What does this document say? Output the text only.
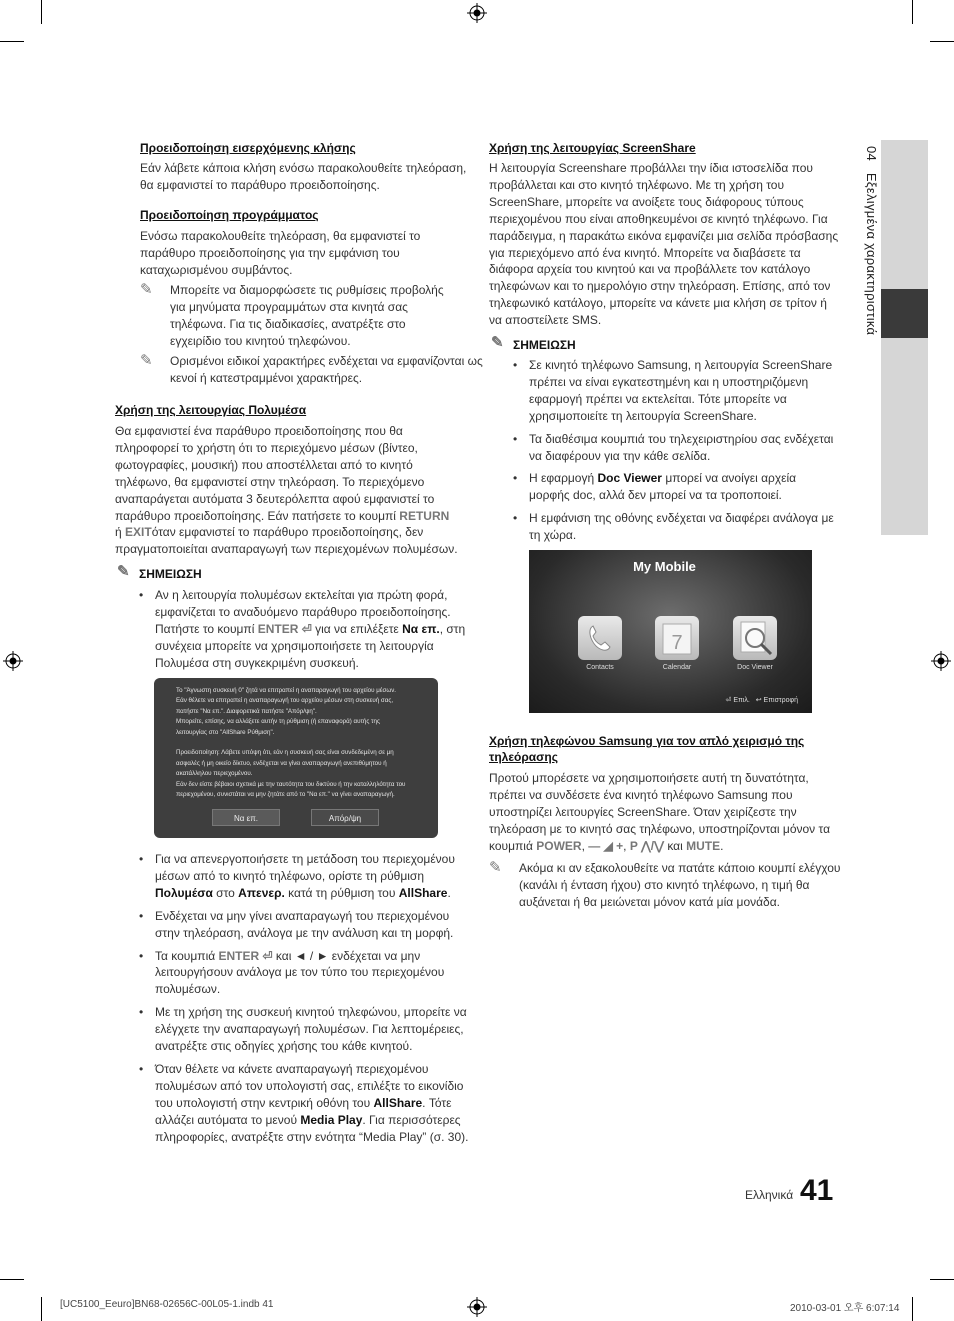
04   Εξελιγμένα χαρακτηριστικά
Προειδοποίηση εισερχόμενης κλήσης
Εάν λάβετε κάποια κλήση ενόσω παρακολουθείτε τηλεόραση, θα εμφανιστεί το παράθυρο προειδοποίησης.
Προειδοποίηση προγράμματος
Ενόσω παρακολουθείτε τηλεόραση, θα εμφανιστεί το παράθυρο προειδοποίησης για την εμφάνιση του καταχωρισμένου συμβάντος.
✎ Μπορείτε να διαμορφώσετε τις ρυθμίσεις προβολής για μηνύματα προγραμμάτων στα κινητά σας τηλέφωνα. Για τις διαδικασίες, ανατρέξτε στο εγχειρίδιο του κινητού τηλεφώνου.
✎ Ορισμένοι ειδικοί χαρακτήρες ενδέχεται να εμφανίζονται ως κενοί ή κατεστραμμένοι χαρακτήρες.
Χρήση της λειτουργίας Πολυμέσα
Θα εμφανιστεί ένα παράθυρο προειδοποίησης που θα πληροφορεί το χρήστη ότι το περιεχόμενο μέσων (βίντεο, φωτογραφίες, μουσική) που αποστέλλεται από το κινητό τηλέφωνο, θα εμφανιστεί στην τηλεόραση. Το περιεχόμενο αναπαράγεται αυτόματα 3 δευτερόλεπτα αφού εμφανιστεί το παράθυρο προειδοποίησης. Εάν πατήσετε το κουμπί RETURN
ή EXITόταν εμφανιστεί το παράθυρο προειδοποίησης, δεν πραγματοποιείται αναπαραγωγή των περιεχομένων πολυμέσων.
✎ ΣΗΜΕΙΩΣΗ
• Αν η λειτουργία πολυμέσων εκτελείται για πρώτη φορά, εμφανίζεται το αναδυόμενο παράθυρο προειδοποίησης. Πατήστε το κουμπί ENTER ⏎ για να επιλέξετε Να επ., στη συνέχεια μπορείτε να χρησιμοποιήσετε τη λειτουργία Πολυμέσα στη συγκεκριμένη συσκευή.
Το "Άγνωστη συσκευή 0" ζητά να επιτραπεί η αναπαραγωγή του αρχείου μέσων.
Εάν θέλετε να επιτραπεί η αναπαραγωγή του αρχείου μέσων στη συσκευή σας,
πατήστε "Να επ.". Διαφορετικά πατήστε "Απόρ/ψη".
Μπορείτε, επίσης, να αλλάξετε αυτήν τη ρύθμιση (ή επαναφορά) αυτής της
λειτουργίας στο "AllShare Ρύθμιση".

Προειδοποίηση: Λάβετε υπόψη ότι, εάν η συσκευή σας είναι συνδεδεμένη σε μη
ασφαλές ή μη οικείο δίκτυο, ενδέχεται να γίνει αναπαραγωγή ανεπιθύμητου ή
ακατάλληλου περιεχομένου.
Εάν δεν είστε βέβαιοι σχετικά με την ταυτότητα του δικτύου ή την καταλληλότητα του
περιεχομένου, συνιστάται να μην ζητάτε από το "Να επ." να γίνει αναπαραγωγή.
Να επ.	Απόρ/ψη
• Για να απενεργοποιήσετε τη μετάδοση του περιεχομένου μέσων από το κινητό τηλέφωνο, ορίστε τη ρύθμιση Πολυμέσα στο Απενερ. κατά τη ρύθμιση του AllShare.
• Ενδέχεται να μην γίνει αναπαραγωγή του περιεχομένου στην τηλεόραση, ανάλογα με την ανάλυση και τη μορφή.
• Τα κουμπιά ENTER ⏎ και ◄ / ► ενδέχεται να μην λειτουργήσουν ανάλογα με τον τύπο του περιεχομένου πολυμέσων.
• Με τη χρήση της συσκευή κινητού τηλεφώνου, μπορείτε να ελέγχετε την αναπαραγωγή πολυμέσων. Για λεπτομέρειες, ανατρέξτε στις οδηγίες χρήσης του κάθε κινητού.
• Όταν θέλετε να κάνετε αναπαραγωγή περιεχομένου πολυμέσων από τον υπολογιστή σας, επιλέξτε το εικονίδιο του υπολογιστή στην κεντρική οθόνη του AllShare. Τότε αλλάζει αυτόματα το μενού Media Play. Για περισσότερες πληροφορίες, ανατρέξτε στην ενότητα “Media Play” (σ. 30).
Χρήση της λειτουργίας ScreenShare
Η λειτουργία Screenshare προβάλλει την ίδια ιστοσελίδα που προβάλλεται και στο κινητό τηλέφωνο. Με τη χρήση του ScreenShare, μπορείτε να ανοίξετε τους διάφορους τύπους περιεχομένου που είναι αποθηκευμένοι σε κινητό τηλέφωνο. Για παράδειγμα, η παρακάτω εικόνα εμφανίζει μια σελίδα πρόσβασης για περιεχόμενο από ένα κινητό. Μπορείτε να διαβάσετε τα διάφορα αρχεία του κινητού και να προβάλλετε τον κατάλογο τηλεφώνων και το ημερολόγιο στην τηλεόραση. Επίσης, από τον τηλεφωνικό κατάλογο, μπορείτε να κάνετε μια κλήση σε τρίτον ή να αποστείλετε SMS.
✎ ΣΗΜΕΙΩΣΗ
• Σε κινητό τηλέφωνο Samsung, η λειτουργία ScreenShare πρέπει να είναι εγκατεστημένη και η υποστηριζόμενη εφαρμογή πρέπει να εκτελείται. Τότε μπορείτε να χρησιμοποιείτε τη λειτουργία ScreenShare.
• Τα διαθέσιμα κουμπιά του τηλεχειριστηρίου σας ενδέχεται να διαφέρουν για την κάθε σελίδα.
• Η εφαρμογή Doc Viewer μπορεί να ανοίγει αρχεία μορφής doc, αλλά δεν μπορεί να τα τροποποιεί.
• Η εμφάνιση της οθόνης ενδέχεται να διαφέρει ανάλογα με τη χώρα.
My Mobile
7
Contacts	Calendar	Doc Viewer
⏎ Επιλ. ↩ Επιστροφή
Χρήση τηλεφώνου Samsung για τον απλό χειρισμό της τηλεόρασης
Προτού μπορέσετε να χρησιμοποιήσετε αυτή τη δυνατότητα, πρέπει να συνδέσετε ένα κινητό τηλέφωνο Samsung που υποστηρίζει λειτουργίες ScreenShare. Όταν χειρίζεστε την τηλεόραση με το κινητό σας τηλέφωνο, υποστηρίζονται μόνον τα κουμπιά POWER, — ◢ +, P ⋀/⋁ και MUTE.
✎ Ακόμα κι αν εξακολουθείτε να πατάτε κάποιο κουμπί ελέγχου (κανάλι ή ένταση ήχου) στο κινητό τηλέφωνο, η τιμή θα αυξάνεται ή θα μειώνεται μόνον κατά μία μονάδα.
Ελληνικά 41
[UC5100_Eeuro]BN68-02656C-00L05-1.indb 41	2010-03-01 오후 6:07:14
